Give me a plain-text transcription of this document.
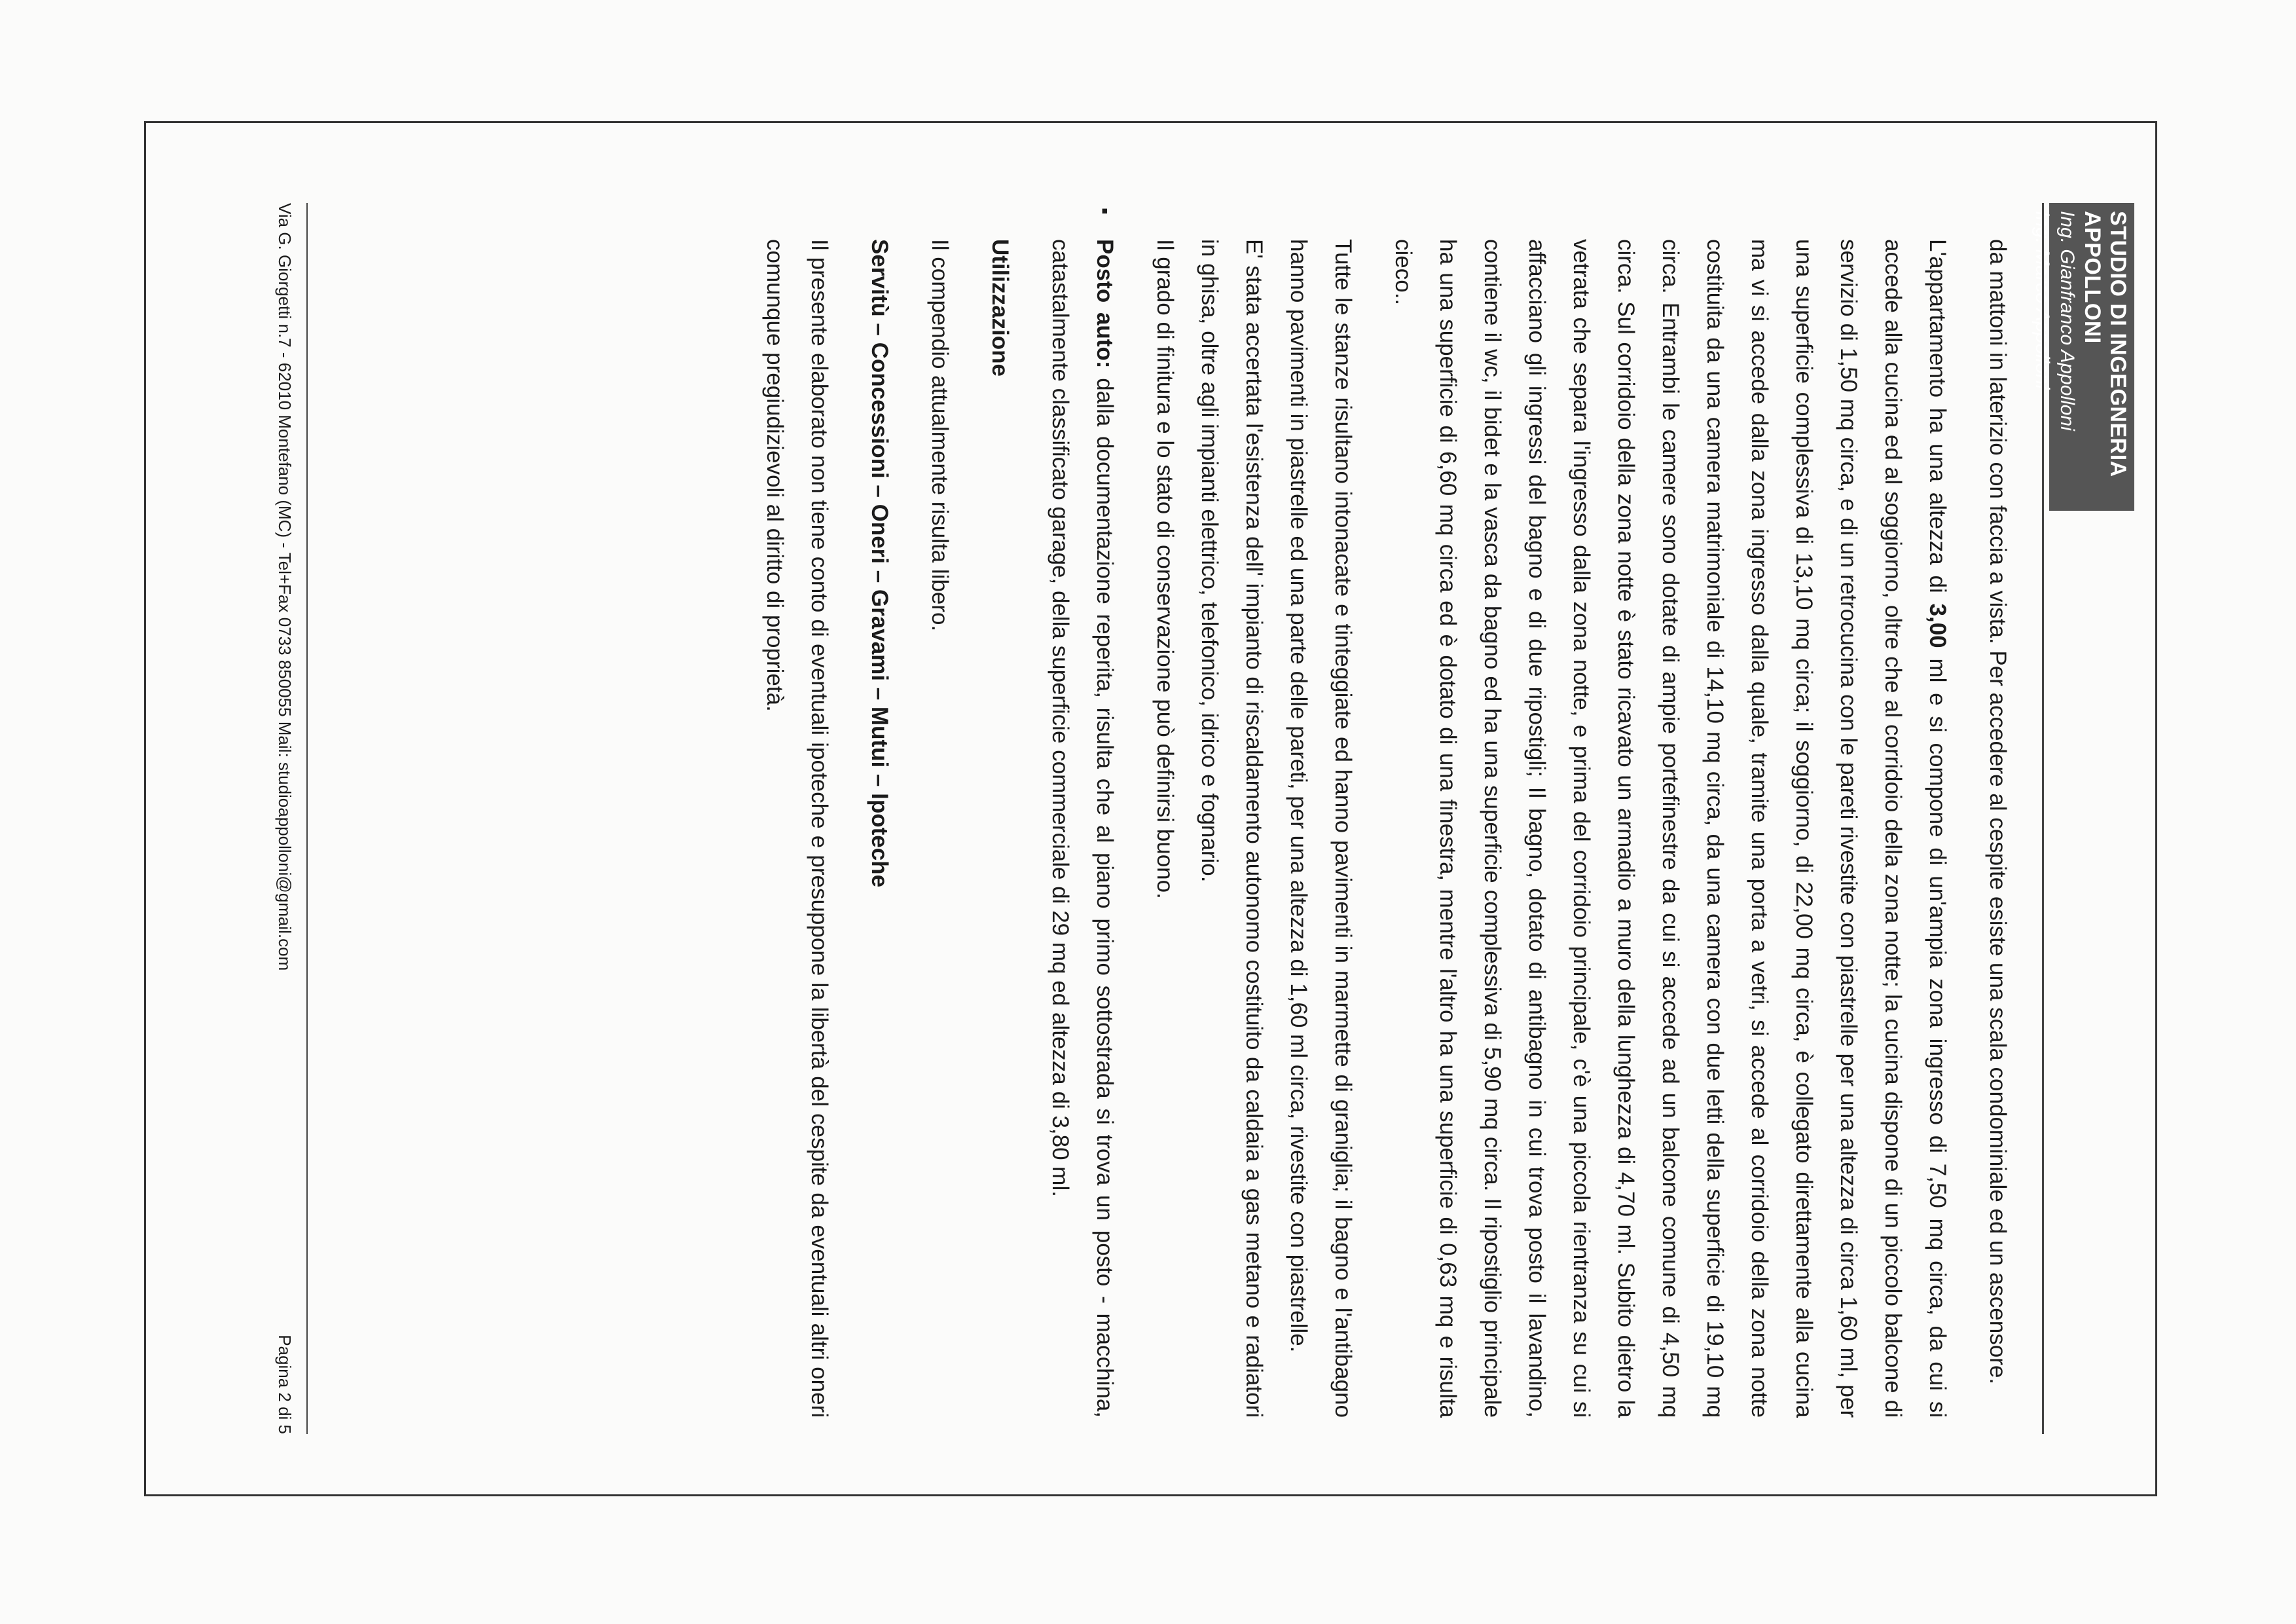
STUDIO DI INGEGNERIA APPOLLONI
Ing. Gianfranco Appolloni
Ing. Marco Appolloni

da mattoni in laterizio con faccia a vista. Per accedere al cespite esiste una scala condominiale ed un ascensore.

L'appartamento ha una altezza di 3,00 ml e si compone di un'ampia zona ingresso di 7,50 mq circa, da cui si accede alla cucina ed al soggiorno, oltre che al corridoio della zona notte; la cucina dispone di un piccolo balcone di servizio di 1,50 mq circa, e di un retrocucina con le pareti rivestite con piastrelle per una altezza di circa 1,60 ml, per una superficie complessiva di 13,10 mq circa; il soggiorno, di 22,00 mq circa, è collegato direttamente alla cucina ma vi si accede dalla zona ingresso dalla quale, tramite una porta a vetri, si accede al corridoio della zona notte costituita da una camera matrimoniale di 14,10 mq circa, da una camera con due letti della superficie di 19,10 mq circa. Entrambi le camere sono dotate di ampie portefinestre da cui si accede ad un balcone comune di 4,50 mq circa. Sul corridoio della zona notte è stato ricavato un armadio a muro della lunghezza di 4,70 ml. Subito dietro la vetrata che separa l'ingresso dalla zona notte, e prima del corridoio principale, c'è una piccola rientranza su cui si affacciano gli ingressi del bagno e di due ripostigli; Il bagno, dotato di antibagno in cui trova posto il lavandino, contiene il wc, il bidet e la vasca da bagno ed ha una superficie complessiva di 5,90 mq circa. Il ripostiglio principale ha una superficie di 6,60 mq circa ed è dotato di una finestra, mentre l'altro ha una superficie di 0,63 mq e risulta cieco..

Tutte le stanze risultano intonacate e tinteggiate ed hanno pavimenti in marmette di graniglia; il bagno e l'antibagno hanno pavimenti in piastrelle ed una parte delle pareti, per una altezza di 1,60 ml circa, rivestite con piastrelle.

E' stata accertata l'esistenza dell' impianto di riscaldamento autonomo costituito da caldaia a gas metano e radiatori in ghisa, oltre agli impianti elettrico, telefonico, idrico e fognario.

Il grado di finitura e lo stato di conservazione può definirsi buono.

▪
Posto auto: dalla documentazione reperita, risulta che al piano primo sottostrada si trova un posto - macchina, catastalmente classificato garage, della superficie commerciale di 29 mq ed altezza di 3,80 ml.

Utilizzazione

Il compendio attualmente risulta libero.

Servitù – Concessioni – Oneri – Gravami – Mutui – Ipoteche

Il presente elaborato non tiene conto di eventuali ipoteche e presuppone la libertà del cespite da eventuali altri oneri comunque pregiudizievoli al diritto di proprietà.

Via G. Giorgetti n.7 - 62010 Montefano (MC) - Tel+Fax 0733 850055 Mail: studioappolloni@gmail.com
Pagina 2 di 5
